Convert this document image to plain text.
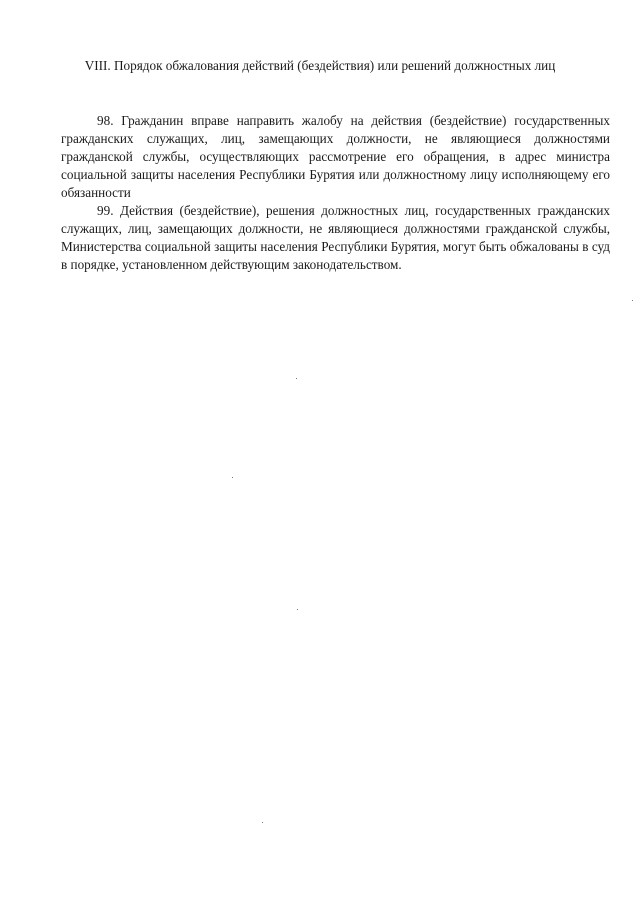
VIII. Порядок обжалования действий (бездействия) или решений должностных лиц

98. Гражданин вправе направить жалобу на действия (бездействие) государственных гражданских служащих, лиц, замещающих должности, не являющиеся должностями гражданской службы, осуществляющих рассмотрение его обращения, в адрес министра социальной защиты населения Республики Бурятия или должностному лицу исполняющему его обязанности

99. Действия (бездействие), решения должностных лиц, государственных гражданских служащих, лиц, замещающих должности, не являющиеся должностями гражданской службы, Министерства социальной защиты населения Республики Бурятия, могут быть обжалованы в суд в порядке, установленном действующим законодательством.
